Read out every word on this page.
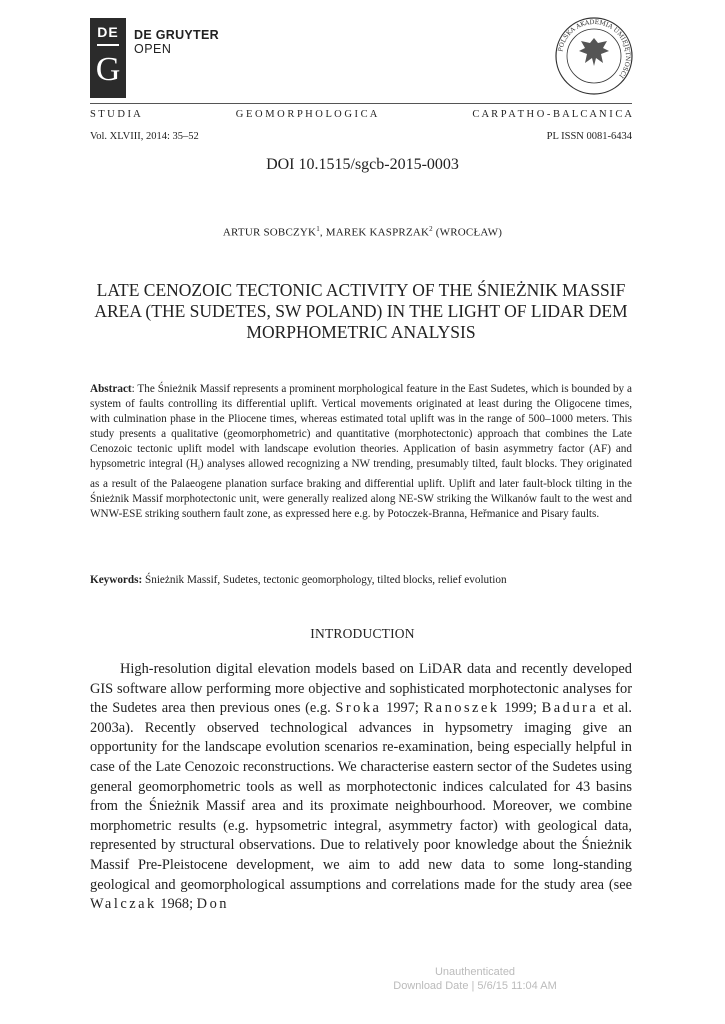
DE
G
DE GRUYTER
OPEN	POLSKA AKADEMIA UMIEJĘTNOŚCI
S T U D I A	G E O M O R P H O L O G I C A	C A R P A T H O - B A L C A N I C A
Vol. XLVIII, 2014: 35–52	PL ISSN 0081-6434
DOI 10.1515/sgcb-2015-0003
ARTUR SOBCZYK$^1$, MAREK KASPRZAK$^2$ (WROCŁAW)
LATE CENOZOIC TECTONIC ACTIVITY OF THE ŚNIEŻNIK MASSIF AREA (THE SUDETES, SW POLAND) IN THE LIGHT OF LIDAR DEM MORPHOMETRIC ANALYSIS
Abstract: The Śnieżnik Massif represents a prominent morphological feature in the East Sudetes, which is bounded by a system of faults controlling its differential uplift. Vertical movements originated at least during the Oligocene times, with culmination phase in the Pliocene times, whereas estimated total uplift was in the range of 500–1000 meters. This study presents a qualitative (geomorphometric) and quantitative (morphotectonic) approach that combines the Late Cenozoic tectonic uplift model with landscape evolution theories. Application of basin asymmetry factor (AF) and hypsometric integral $(H_i)$ analyses allowed recognizing a NW trending, presumably tilted, fault blocks. They originated as a result of the Palaeogene planation surface braking and differential uplift. Uplift and later fault-block tilting in the Śnieżnik Massif morphotectonic unit, were generally realized along NE-SW striking the Wilkanów fault to the west and WNW-ESE striking southern fault zone, as expressed here e.g. by Potoczek-Branna, Heřmanice and Pisary faults.
Keywords: Śnieżnik Massif, Sudetes, tectonic geomorphology, tilted blocks, relief evolution
INTRODUCTION
High-resolution digital elevation models based on LiDAR data and recently developed GIS software allow performing more objective and sophisticated morphotectonic analyses for the Sudetes area then previous ones (e.g. Sroka 1997; Ranoszek 1999; Badura et al. 2003a). Recently observed technological advances in hypsometry imaging give an opportunity for the landscape evolution scenarios re-examination, being especially helpful in case of the Late Cenozoic reconstructions. We characterise eastern sector of the Sudetes using general geomorphometric tools as well as morphotectonic indices calculated for 43 basins from the Śnieżnik Massif area and its proximate neighbourhood. Moreover, we combine morphometric results (e.g. hypsometric integral, asymmetry factor) with geological data, represented by structural observations. Due to relatively poor knowledge about the Śnieżnik Massif Pre-Pleistocene development, we aim to add new data to some long-standing geological and geomorphological assumptions and correlations made for the study area (see Walczak 1968; Don
Unauthenticated
Download Date | 5/6/15 11:04 AM
